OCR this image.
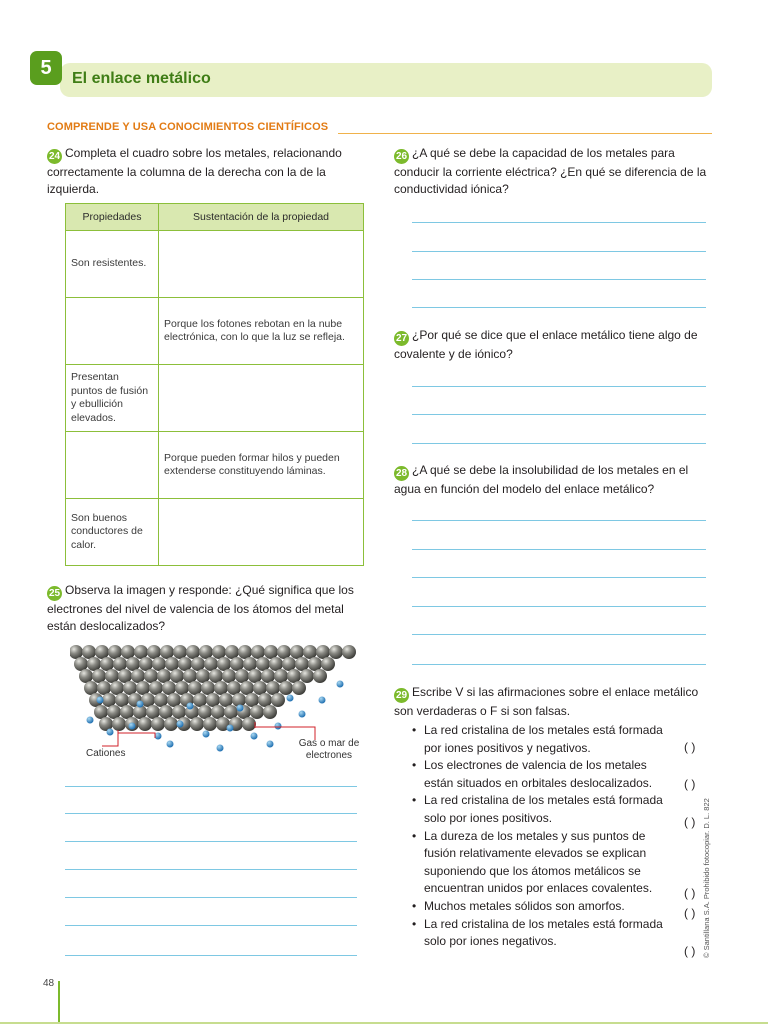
5	El enlace metálico
COMPRENDE Y USA CONOCIMIENTOS CIENTÍFICOS
24 Completa el cuadro sobre los metales, relacionando correctamente la columna de la derecha con la de la izquierda.
Propiedades	Sustentación de la propiedad
Son resistentes.	
	Porque los fotones rebotan en la nube electrónica, con lo que la luz se refleja.
Presentan puntos de fusión y ebullición elevados.	
	Porque pueden formar hilos y pueden extenderse constituyendo láminas.
Son buenos conductores de calor.	
25 Observa la imagen y responde: ¿Qué significa que los electrones del nivel de valencia de los átomos del metal están deslocalizados?
Cationes
Gas o mar de electrones
26 ¿A qué se debe la capacidad de los metales para conducir la corriente eléctrica? ¿En qué se diferencia de la conductividad iónica?
27 ¿Por qué se dice que el enlace metálico tiene algo de covalente y de iónico?
28 ¿A qué se debe la insolubilidad de los metales en el agua en función del modelo del enlace metálico?
29 Escribe V si las afirmaciones sobre el enlace metálico son verdaderas o F si son falsas.
• La red cristalina de los metales está formada por iones positivos y negativos.
• Los electrones de valencia de los metales están situados en orbitales deslocalizados.
• La red cristalina de los metales está formada solo por iones positivos.
• La dureza de los metales y sus puntos de fusión relativamente elevados se explican suponiendo que los átomos metálicos se encuentran unidos por enlaces covalentes.
• Muchos metales sólidos son amorfos.
• La red cristalina de los metales está formada solo por iones negativos.
( )
( )
( )
( )
( )
( ) © Santillana S.A. Prohibido fotocopiar. D. L. 822
48
